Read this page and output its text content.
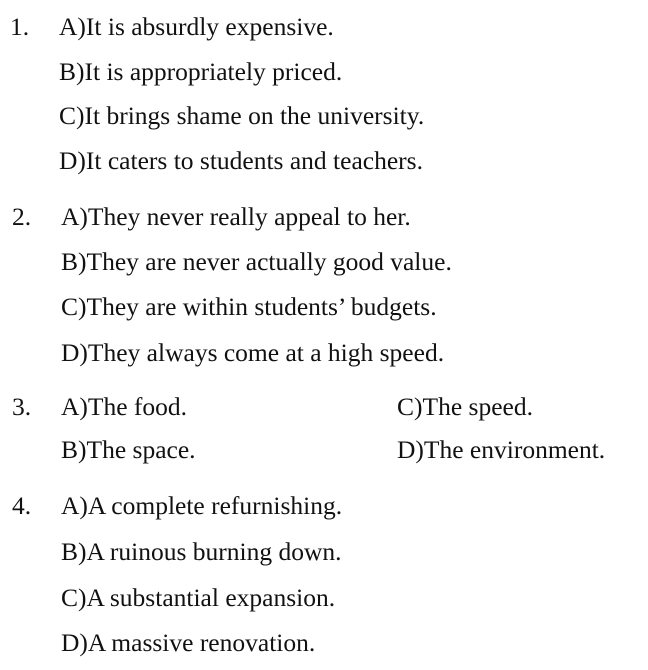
1. A)It is absurdly expensive.
B)It is appropriately priced.
C)It brings shame on the university.
D)It caters to students and teachers.
2. A)They never really appeal to her.
B)They are never actually good value.
C)They are within students’ budgets.
D)They always come at a high speed.
3. A)The food.
B)The space.
C)The speed.
D)The environment.
4. A)A complete refurnishing.
B)A ruinous burning down.
C)A substantial expansion.
D)A massive renovation.
